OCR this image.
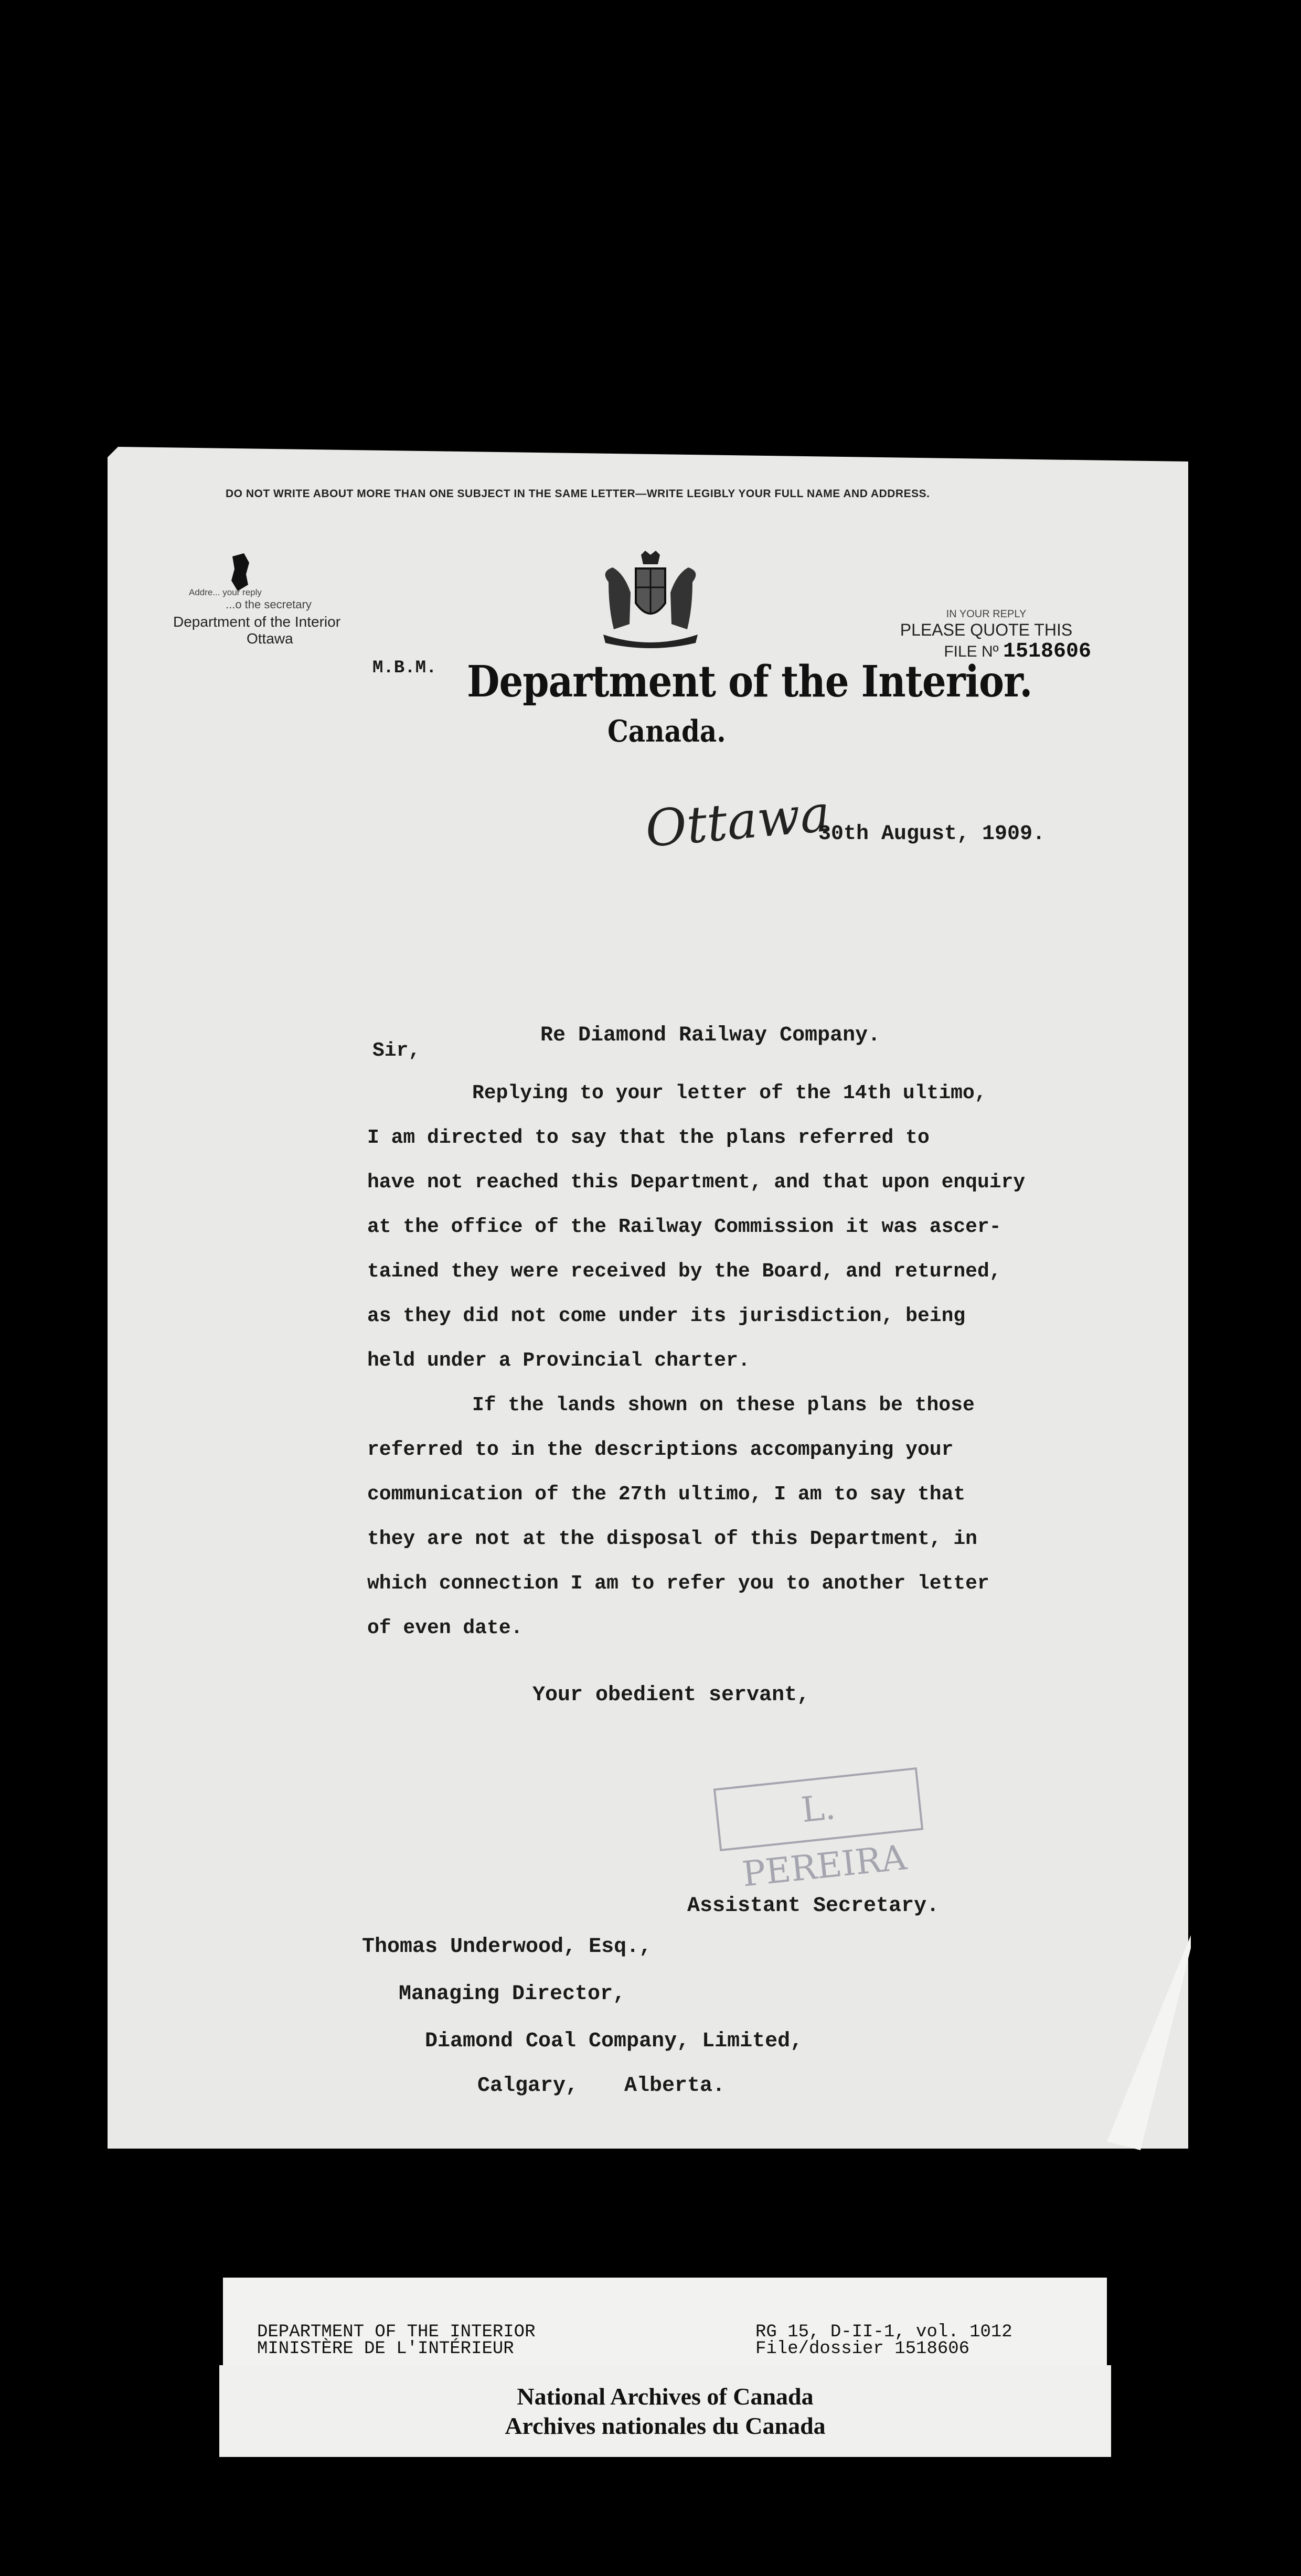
DO NOT WRITE ABOUT MORE THAN ONE SUBJECT IN THE SAME LETTER—WRITE LEGIBLY YOUR FULL NAME AND ADDRESS.
Addre... your reply
...o the secretary
Department of the Interior
Ottawa
IN YOUR REPLY
PLEASE QUOTE THIS
FILE Nº 1518606
M.B.M. Department of the Interior.
Canada.
Ottawa
30th August, 1909.
Sir,
Re Diamond Railway Company.
Replying to your letter of the 14th ultimo,
I am directed to say that the plans referred to
have not reached this Department, and that upon enquiry
at the office of the Railway Commission it was ascer-
tained they were received by the Board, and returned,
as they did not come under its jurisdiction, being
held under a Provincial charter.
If the lands shown on these plans be those
referred to in the descriptions accompanying your
communication of the 27th ultimo, I am to say that
they are not at the disposal of this Department, in
which connection I am to refer you to another letter
of even date.
Your obedient servant,
L. PEREIRA
Assistant Secretary.
Thomas Underwood, Esq.,
Managing Director,
Diamond Coal Company, Limited,
Calgary, Alberta.
DEPARTMENT OF THE INTERIOR
MINISTÈRE DE L'INTÉRIEUR
RG 15, D-II-1, vol. 1012
File/dossier 1518606
National Archives of Canada
Archives nationales du Canada
